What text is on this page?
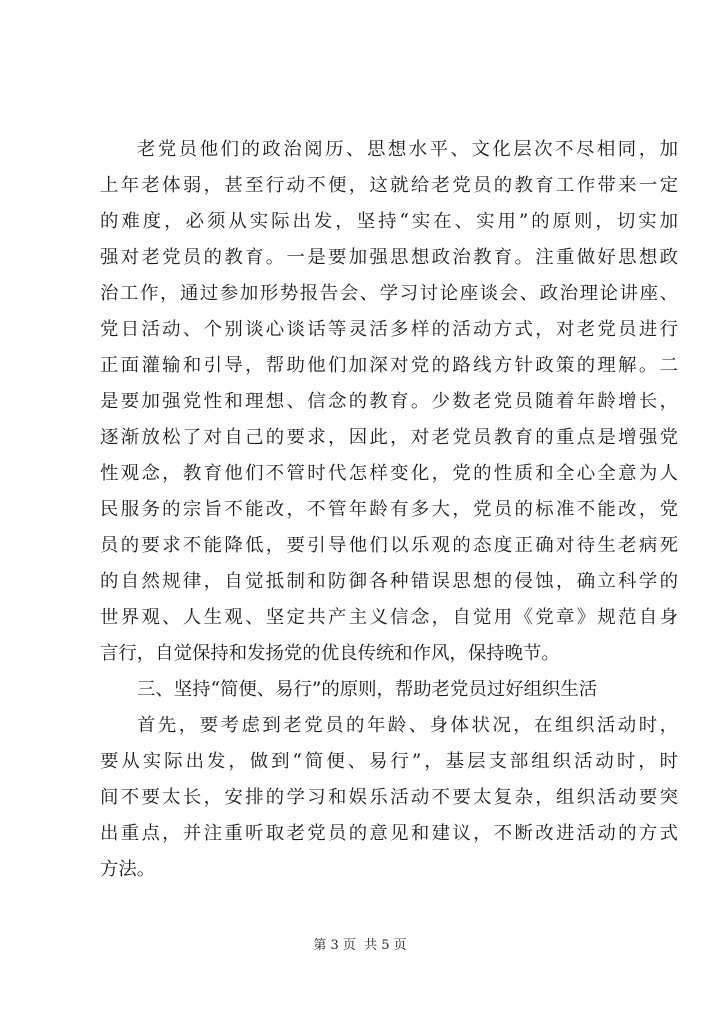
老党员他们的政治阅历、思想水平、文化层次不尽相同，加
上年老体弱，甚至行动不便，这就给老党员的教育工作带来一定
的难度，必须从实际出发，坚持“实在、实用”的原则，切实加
强对老党员的教育。一是要加强思想政治教育。注重做好思想政
治工作，通过参加形势报告会、学习讨论座谈会、政治理论讲座、
党日活动、个别谈心谈话等灵活多样的活动方式，对老党员进行
正面灌输和引导，帮助他们加深对党的路线方针政策的理解。二
是要加强党性和理想、信念的教育。少数老党员随着年龄增长，
逐渐放松了对自己的要求，因此，对老党员教育的重点是增强党
性观念，教育他们不管时代怎样变化，党的性质和全心全意为人
民服务的宗旨不能改，不管年龄有多大，党员的标准不能改，党
员的要求不能降低，要引导他们以乐观的态度正确对待生老病死
的自然规律，自觉抵制和防御各种错误思想的侵蚀，确立科学的
世界观、人生观、坚定共产主义信念，自觉用《党章》规范自身
言行，自觉保持和发扬党的优良传统和作风，保持晚节。
三、坚持“简便、易行”的原则，帮助老党员过好组织生活
首先，要考虑到老党员的年龄、身体状况，在组织活动时，
要从实际出发，做到“简便、易行”，基层支部组织活动时，时
间不要太长，安排的学习和娱乐活动不要太复杂，组织活动要突
出重点，并注重听取老党员的意见和建议，不断改进活动的方式
方法。
第 3 页  共 5 页
